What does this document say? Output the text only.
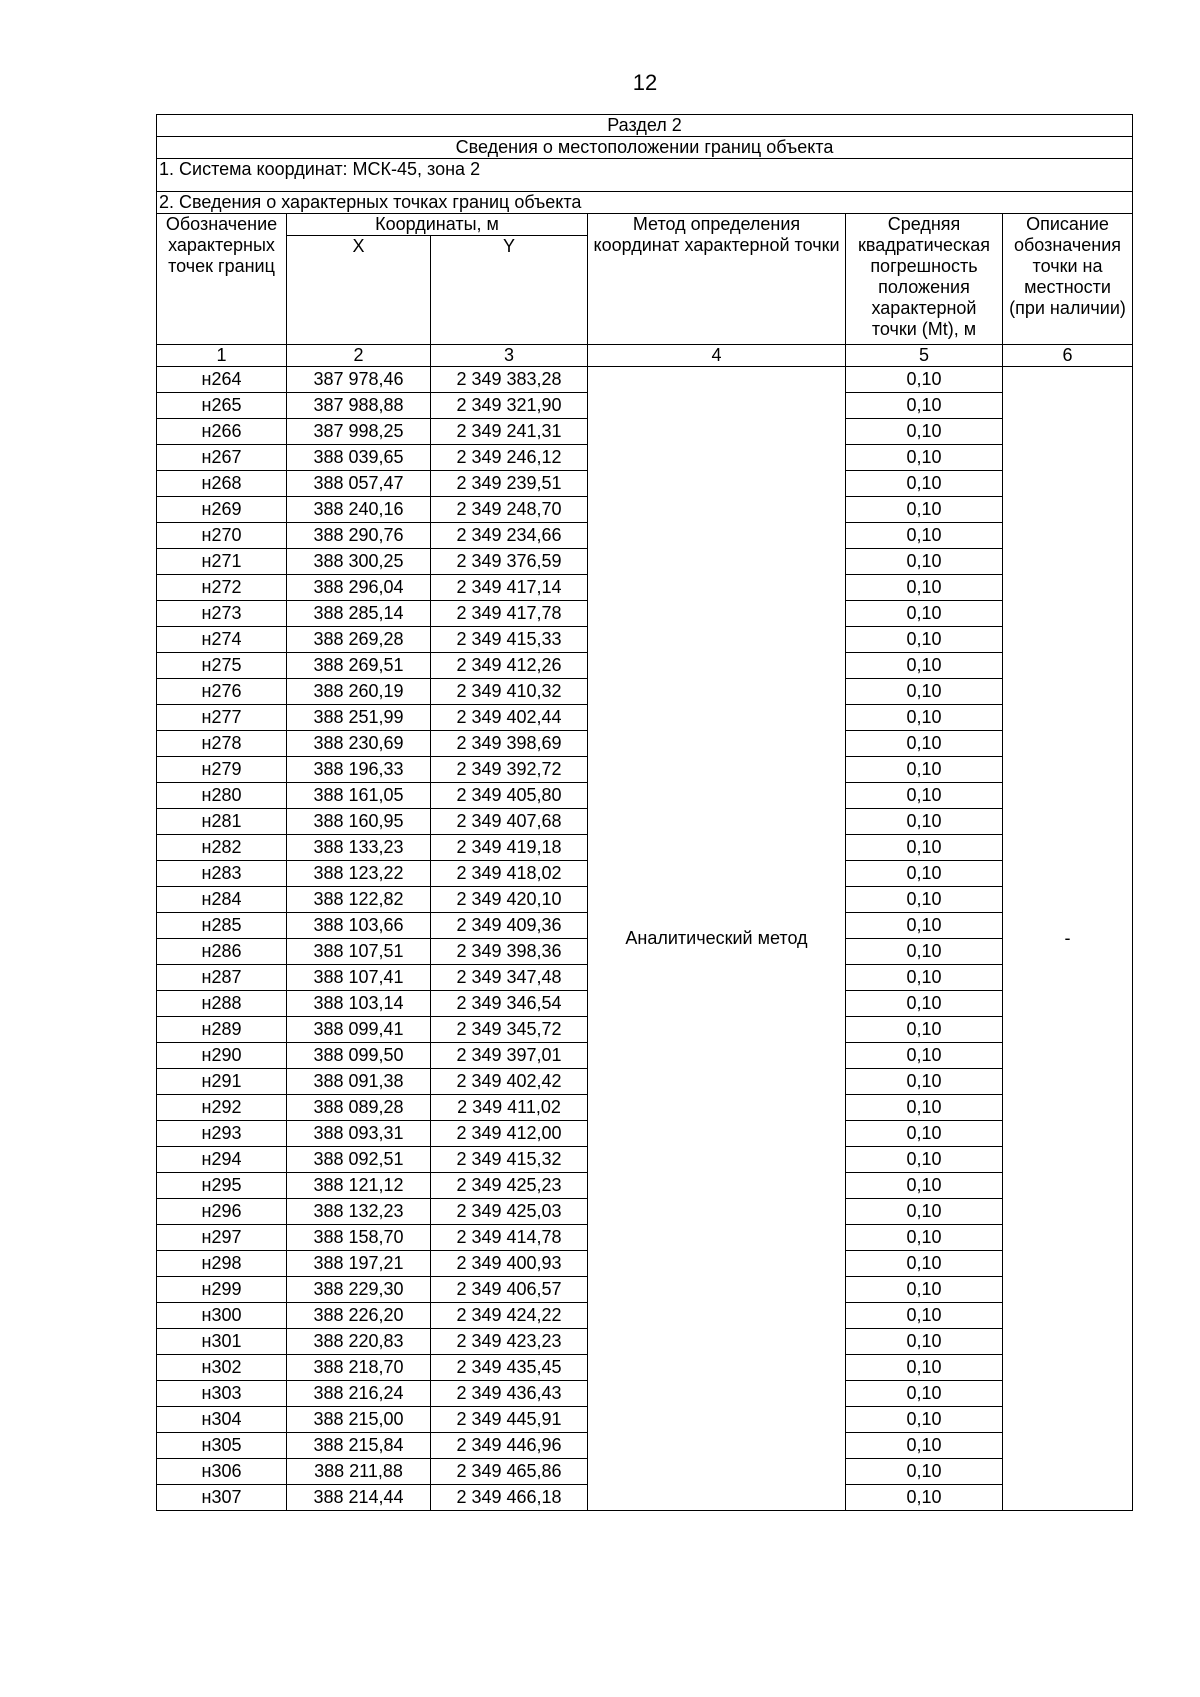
12
Раздел 2					
Сведения о местоположении границ объекта					
1. Система координат: МСК-45, зона 2					
2. Сведения о характерных точках границ объекта					
Обозначение характерных точек границ	Координаты, м		Метод определения координат характерной точки	Средняя квадратическая погрешность положения характерной точки (Mt), м	Описание обозначения точки на местности (при наличии)
	X	Y			
1	2	3	4	5	6
н264	387 978,46	2 349 383,28	Аналитический метод	0,10	-
н265	387 988,88	2 349 321,90		0,10	
н266	387 998,25	2 349 241,31		0,10	
н267	388 039,65	2 349 246,12		0,10	
н268	388 057,47	2 349 239,51		0,10	
н269	388 240,16	2 349 248,70		0,10	
н270	388 290,76	2 349 234,66		0,10	
н271	388 300,25	2 349 376,59		0,10	
н272	388 296,04	2 349 417,14		0,10	
н273	388 285,14	2 349 417,78		0,10	
н274	388 269,28	2 349 415,33		0,10	
н275	388 269,51	2 349 412,26		0,10	
н276	388 260,19	2 349 410,32		0,10	
н277	388 251,99	2 349 402,44		0,10	
н278	388 230,69	2 349 398,69		0,10	
н279	388 196,33	2 349 392,72		0,10	
н280	388 161,05	2 349 405,80		0,10	
н281	388 160,95	2 349 407,68		0,10	
н282	388 133,23	2 349 419,18		0,10	
н283	388 123,22	2 349 418,02		0,10	
н284	388 122,82	2 349 420,10		0,10	
н285	388 103,66	2 349 409,36		0,10	
н286	388 107,51	2 349 398,36		0,10	
н287	388 107,41	2 349 347,48		0,10	
н288	388 103,14	2 349 346,54		0,10	
н289	388 099,41	2 349 345,72		0,10	
н290	388 099,50	2 349 397,01		0,10	
н291	388 091,38	2 349 402,42		0,10	
н292	388 089,28	2 349 411,02		0,10	
н293	388 093,31	2 349 412,00		0,10	
н294	388 092,51	2 349 415,32		0,10	
н295	388 121,12	2 349 425,23		0,10	
н296	388 132,23	2 349 425,03		0,10	
н297	388 158,70	2 349 414,78		0,10	
н298	388 197,21	2 349 400,93		0,10	
н299	388 229,30	2 349 406,57		0,10	
н300	388 226,20	2 349 424,22		0,10	
н301	388 220,83	2 349 423,23		0,10	
н302	388 218,70	2 349 435,45		0,10	
н303	388 216,24	2 349 436,43		0,10	
н304	388 215,00	2 349 445,91		0,10	
н305	388 215,84	2 349 446,96		0,10	
н306	388 211,88	2 349 465,86		0,10	
н307	388 214,44	2 349 466,18		0,10	
